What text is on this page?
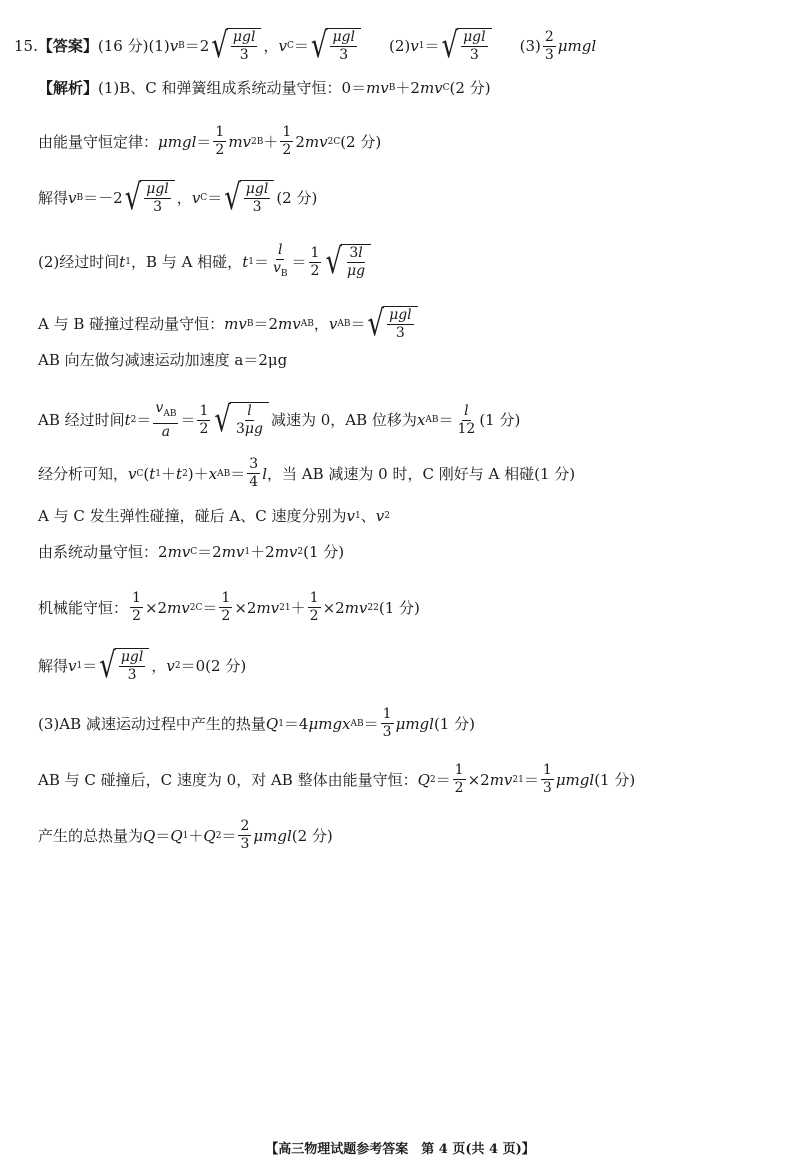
15. 【答案】 (16 分) (1) v B ＝2 √ $\frac{\text{μgl}}{3}$ ， v C ＝ √ $\frac{\text{μgl}}{3} (2)$ v 1 ＝ √ $\frac{\text{μgl}}{3} (3) \frac{2}{3}$ μmgl
【解析】 (1)B、C 和弹簧组成系统动量守恒：0＝ mv B ＋2 mv C (2 分)
由能量守恒定律： $\mu mgl = \frac{1}{2}$ mv 2 $B + \frac{1}{2} 2$ mv 2 C (2 分)
解得 v B ＝－2 √ $\frac{\text{μgl}}{3}$ ， v C ＝ √ $\frac{\text{μgl}}{3} (2$ 分)
(2)经过时间 t 1 ，B 与 A 相碰， t $1 = \frac{l}{v_B} = \frac{1}{2}$ √ $\frac{3l}{\mu g}$
A 与 B 碰撞过程动量守恒： mv B ＝2 mv AB ， v AB ＝ √ $\frac{\text{μgl}}{3}$
AB 向左做匀减速运动加速度 a＝2μg
AB 经过时间 t $2 = \frac{v_{AB}}{a} = \frac{1}{2}$ √ $\frac{l}{3\mu g}$ 减速为 0，AB 位移为 x AB ＝ $\frac{l}{12} (1$ 分)
经分析可知， v C ( t 1 ＋ t 2 )＋ x AB ＝ $\frac{3}{4}$ l ，当 AB 减速为 0 时，C 刚好与 A 相碰 (1 分)
A 与 C 发生弹性碰撞，碰后 A、C 速度分别为 v 1 、 v 2
由系统动量守恒： 2 mv C ＝2 mv 1 ＋2 mv 2 (1 分)
机械能守恒： $\frac{1}{2} \times 2$ mv 2 $C = \frac{1}{2} \times 2$ mv 2 $1 + \frac{1}{2} \times 2$ mv 2 2 (1 分)
解得 v 1 ＝ √ $\frac{\text{μgl}}{3}$ ， v 2 ＝0 (2 分)
(3)AB 减速运动过程中产生的热量 Q 1 ＝4 μmgx AB ＝ $\frac{1}{3}$ μmgl (1 分)
AB 与 C 碰撞后，C 速度为 0，对 AB 整体由能量守恒： Q $2 = \frac{1}{2} \times 2$ mv 2 $1 = \frac{1}{3}$ μmgl (1 分)
产生的总热量为 Q ＝ Q 1 ＋ Q $2 = \frac{2}{3}$ μmgl (2 分)
【高三物理试题参考答案　第 4 页(共 4 页)】
